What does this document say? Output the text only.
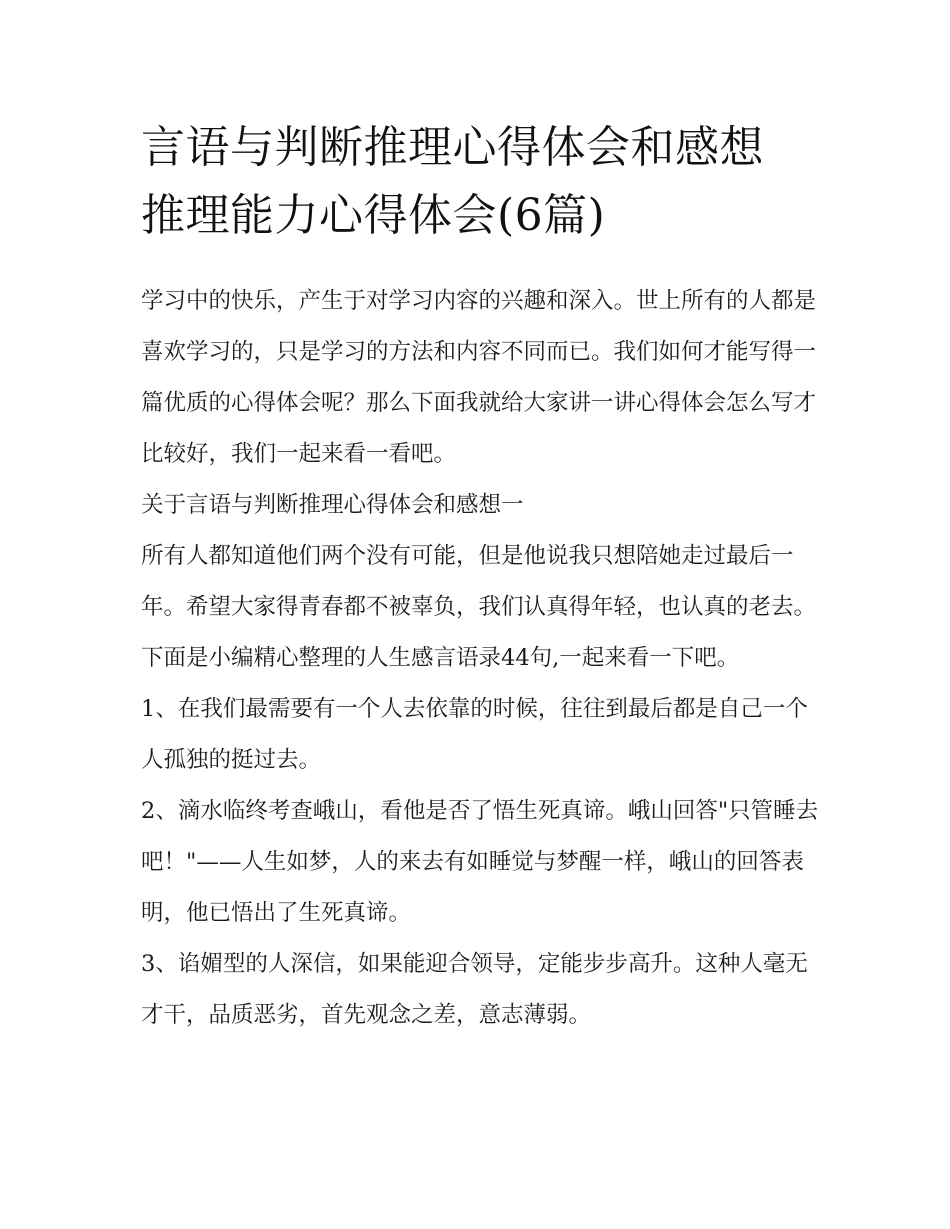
言语与判断推理心得体会和感想 推理能力心得体会(6篇)

学习中的快乐，产生于对学习内容的兴趣和深入。世上所有的人都是喜欢学习的，只是学习的方法和内容不同而已。我们如何才能写得一篇优质的心得体会呢？那么下面我就给大家讲一讲心得体会怎么写才比较好，我们一起来看一看吧。

关于言语与判断推理心得体会和感想一

所有人都知道他们两个没有可能，但是他说我只想陪她走过最后一年。希望大家得青春都不被辜负，我们认真得年轻，也认真的老去。下面是小编精心整理的人生感言语录44句,一起来看一下吧。

1、在我们最需要有一个人去依靠的时候，往往到最后都是自己一个人孤独的挺过去。

2、滴水临终考查峨山，看他是否了悟生死真谛。峨山回答"只管睡去吧！"——人生如梦，人的来去有如睡觉与梦醒一样，峨山的回答表明，他已悟出了生死真谛。

3、谄媚型的人深信，如果能迎合领导，定能步步高升。这种人毫无才干，品质恶劣，首先观念之差，意志薄弱。
